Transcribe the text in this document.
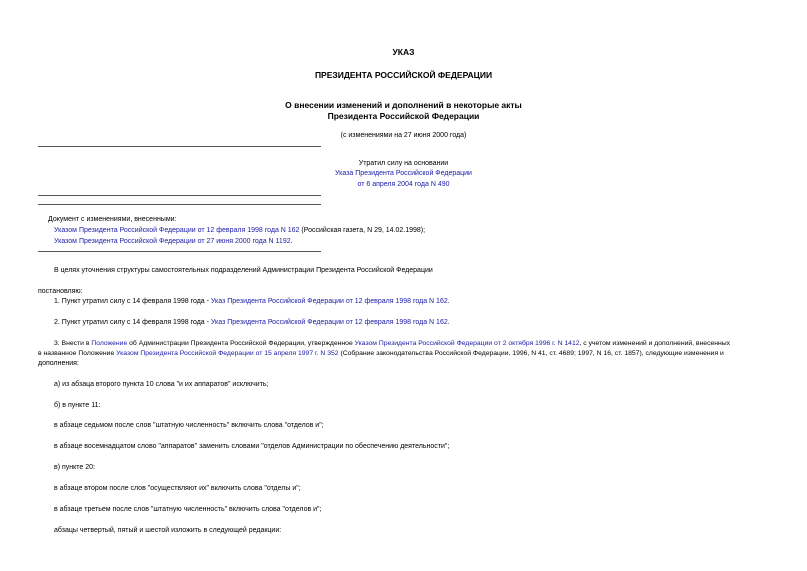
УКАЗ
ПРЕЗИДЕНТА РОССИЙСКОЙ ФЕДЕРАЦИИ
О внесении изменений и дополнений в некоторые акты
Президента Российской Федерации
(с изменениями на 27 июня 2000 года)
Утратил силу на основании
Указа Президента Российской Федерации
от 6 апреля 2004 года N 490
Документ с изменениями, внесенными:
Указом Президента Российской Федерации от 12 февраля 1998 года N 162 (Российская газета, N 29, 14.02.1998);
Указом Президента Российской Федерации от 27 июня 2000 года N 1192.
В целях уточнения структуры самостоятельных подразделений Администрации Президента Российской Федерации
постановляю:
1. Пункт утратил силу с 14 февраля 1998 года - Указ Президента Российской Федерации от 12 февраля 1998 года N 162.
2. Пункт утратил силу с 14 февраля 1998 года - Указ Президента Российской Федерации от 12 февраля 1998 года N 162.
3. Внести в Положение об Администрации Президента Российской Федерации, утвержденное Указом Президента Российской Федерации от 2 октября 1996 г. N 1412, с учетом изменений и дополнений, внесенных
в названное Положение Указом Президента Российской Федерации от 15 апреля 1997 г. N 352 (Собрание законодательства Российской Федерации, 1996, N 41, ст. 4689; 1997, N 16, ст. 1857), следующие изменения и
дополнения:
а) из абзаца второго пункта 10 слова "и их аппаратов" исключить;
б) в пункте 11:
в абзаце седьмом после слов "штатную численность" включить слова "отделов и";
в абзаце восемнадцатом слово "аппаратов" заменить словами "отделов Администрации по обеспечению деятельности";
в) пункте 20:
в абзаце втором после слов "осуществляют их" включить слова "отделы и";
в абзаце третьем после слов "штатную численность" включить слова "отделов и";
абзацы четвертый, пятый и шестой изложить в следующей редакции:
